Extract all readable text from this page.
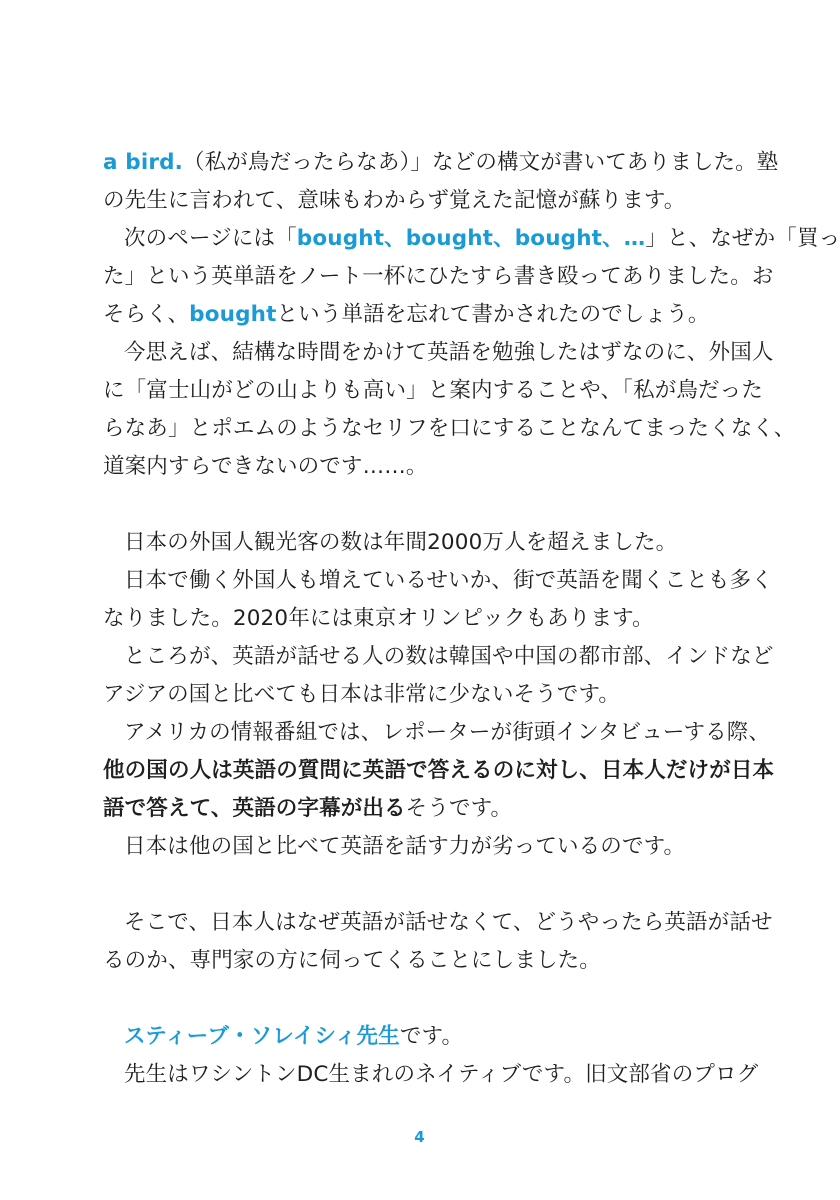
a bird.（私が鳥だったらなあ）」などの構文が書いてありました。塾
の先生に言われて、意味もわからず覚えた記憶が蘇ります。
次のページには「bought、bought、bought、…」と、なぜか「買っ
た」という英単語をノート一杯にひたすら書き殴ってありました。お
そらく、boughtという単語を忘れて書かされたのでしょう。
今思えば、結構な時間をかけて英語を勉強したはずなのに、外国人
に「富士山がどの山よりも高い」と案内することや、「私が鳥だった
らなあ」とポエムのようなセリフを口にすることなんてまったくなく、
道案内すらできないのです……。
日本の外国人観光客の数は年間2000万人を超えました。
日本で働く外国人も増えているせいか、街で英語を聞くことも多く
なりました。2020年には東京オリンピックもあります。
ところが、英語が話せる人の数は韓国や中国の都市部、インドなど
アジアの国と比べても日本は非常に少ないそうです。
アメリカの情報番組では、レポーターが街頭インタビューする際、
他の国の人は英語の質問に英語で答えるのに対し、日本人だけが日本
語で答えて、英語の字幕が出るそうです。
日本は他の国と比べて英語を話す力が劣っているのです。
そこで、日本人はなぜ英語が話せなくて、どうやったら英語が話せ
るのか、専門家の方に伺ってくることにしました。
スティーブ・ソレイシィ先生です。
先生はワシントンDC生まれのネイティブです。旧文部省のプログ
4
